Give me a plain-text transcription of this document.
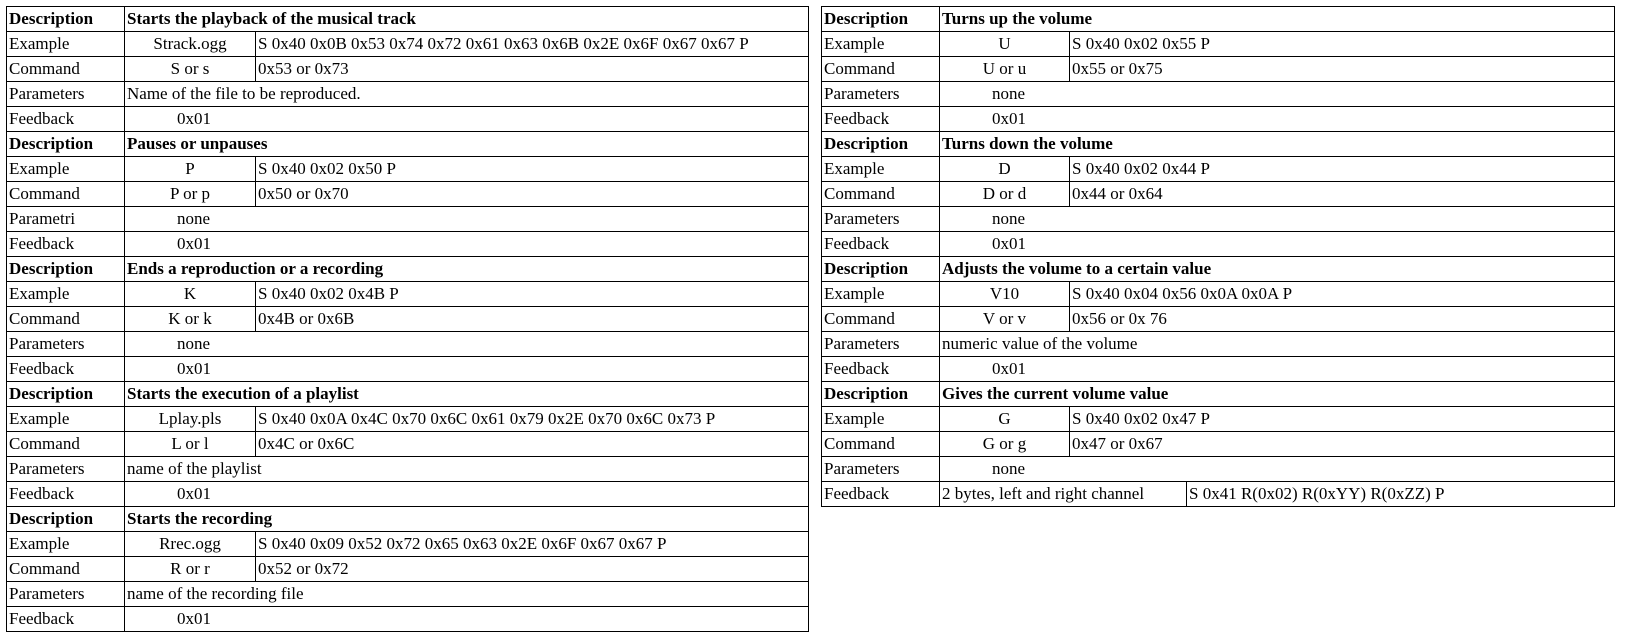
Description	Starts the playback of the musical track	
Example	Strack.ogg	S 0x40 0x0B 0x53 0x74 0x72 0x61 0x63 0x6B 0x2E 0x6F 0x67 0x67 P
Command	S or s	0x53 or 0x73
Parameters	Name of the file to be reproduced.	
Feedback	0x01	
Description	Pauses or unpauses	
Example	P	S 0x40 0x02 0x50 P
Command	P or p	0x50 or 0x70
Parametri	none	
Feedback	0x01	
Description	Ends a reproduction or a recording	
Example	K	S 0x40 0x02 0x4B P
Command	K or k	0x4B or 0x6B
Parameters	none	
Feedback	0x01	
Description	Starts the execution of a playlist	
Example	Lplay.pls	S 0x40 0x0A 0x4C 0x70 0x6C 0x61 0x79 0x2E 0x70 0x6C 0x73 P
Command	L or l	0x4C or 0x6C
Parameters	name of the playlist	
Feedback	0x01	
Description	Starts the recording	
Example	Rrec.ogg	S 0x40 0x09 0x52 0x72 0x65 0x63 0x2E 0x6F 0x67 0x67 P
Command	R or r	0x52 or 0x72
Parameters	name of the recording file	
Feedback	0x01	
Description	Turns up the volume		
Example	U	S 0x40 0x02 0x55 P	
Command	U or u	0x55 or 0x75	
Parameters	none		
Feedback	0x01		
Description	Turns down the volume		
Example	D	S 0x40 0x02 0x44 P	
Command	D or d	0x44 or 0x64	
Parameters	none		
Feedback	0x01		
Description	Adjusts the volume to a certain value		
Example	V10	S 0x40 0x04 0x56 0x0A 0x0A P	
Command	V or v	0x56 or 0x 76	
Parameters	numeric value of the volume		
Feedback	0x01		
Description	Gives the current volume value		
Example	G	S 0x40 0x02 0x47 P	
Command	G or g	0x47 or 0x67	
Parameters	none		
Feedback	2 bytes, left and right channel		S 0x41 R(0x02) R(0xYY) R(0xZZ) P
